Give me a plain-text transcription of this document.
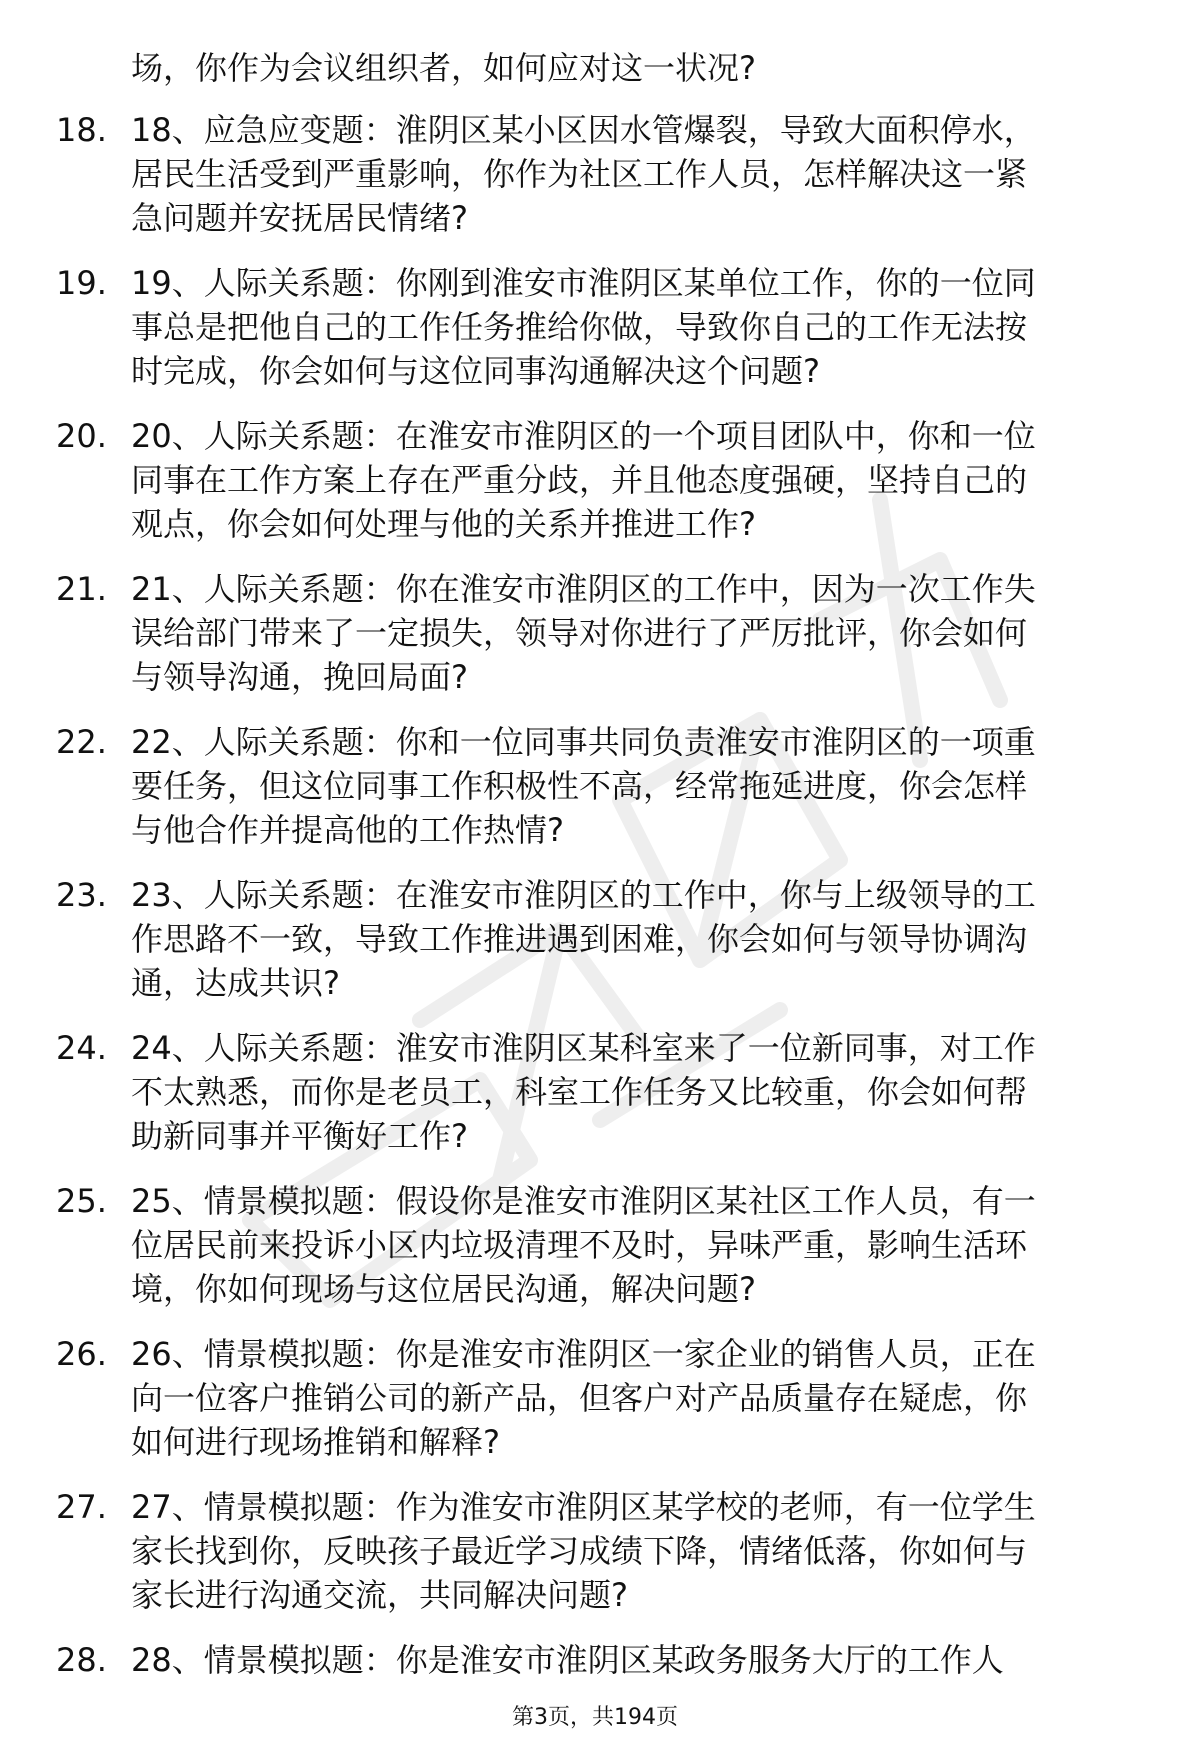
场，你作为会议组织者，如何应对这一状况?
18. 18、应急应变题：淮阴区某小区因水管爆裂，导致大面积停水，
居民生活受到严重影响，你作为社区工作人员，怎样解决这一紧
急问题并安抚居民情绪?
19. 19、人际关系题：你刚到淮安市淮阴区某单位工作，你的一位同
事总是把他自己的工作任务推给你做，导致你自己的工作无法按
时完成，你会如何与这位同事沟通解决这个问题?
20. 20、人际关系题：在淮安市淮阴区的一个项目团队中，你和一位
同事在工作方案上存在严重分歧，并且他态度强硬，坚持自己的
观点，你会如何处理与他的关系并推进工作?
21. 21、人际关系题：你在淮安市淮阴区的工作中，因为一次工作失
误给部门带来了一定损失，领导对你进行了严厉批评，你会如何
与领导沟通，挽回局面?
22. 22、人际关系题：你和一位同事共同负责淮安市淮阴区的一项重
要任务，但这位同事工作积极性不高，经常拖延进度，你会怎样
与他合作并提高他的工作热情?
23. 23、人际关系题：在淮安市淮阴区的工作中，你与上级领导的工
作思路不一致，导致工作推进遇到困难，你会如何与领导协调沟
通，达成共识?
24. 24、人际关系题：淮安市淮阴区某科室来了一位新同事，对工作
不太熟悉，而你是老员工，科室工作任务又比较重，你会如何帮
助新同事并平衡好工作?
25. 25、情景模拟题：假设你是淮安市淮阴区某社区工作人员，有一
位居民前来投诉小区内垃圾清理不及时，异味严重，影响生活环
境，你如何现场与这位居民沟通，解决问题?
26. 26、情景模拟题：你是淮安市淮阴区一家企业的销售人员，正在
向一位客户推销公司的新产品，但客户对产品质量存在疑虑，你
如何进行现场推销和解释?
27. 27、情景模拟题：作为淮安市淮阴区某学校的老师，有一位学生
家长找到你，反映孩子最近学习成绩下降，情绪低落，你如何与
家长进行沟通交流，共同解决问题?
28. 28、情景模拟题：你是淮安市淮阴区某政务服务大厅的工作人
第3页，共194页
